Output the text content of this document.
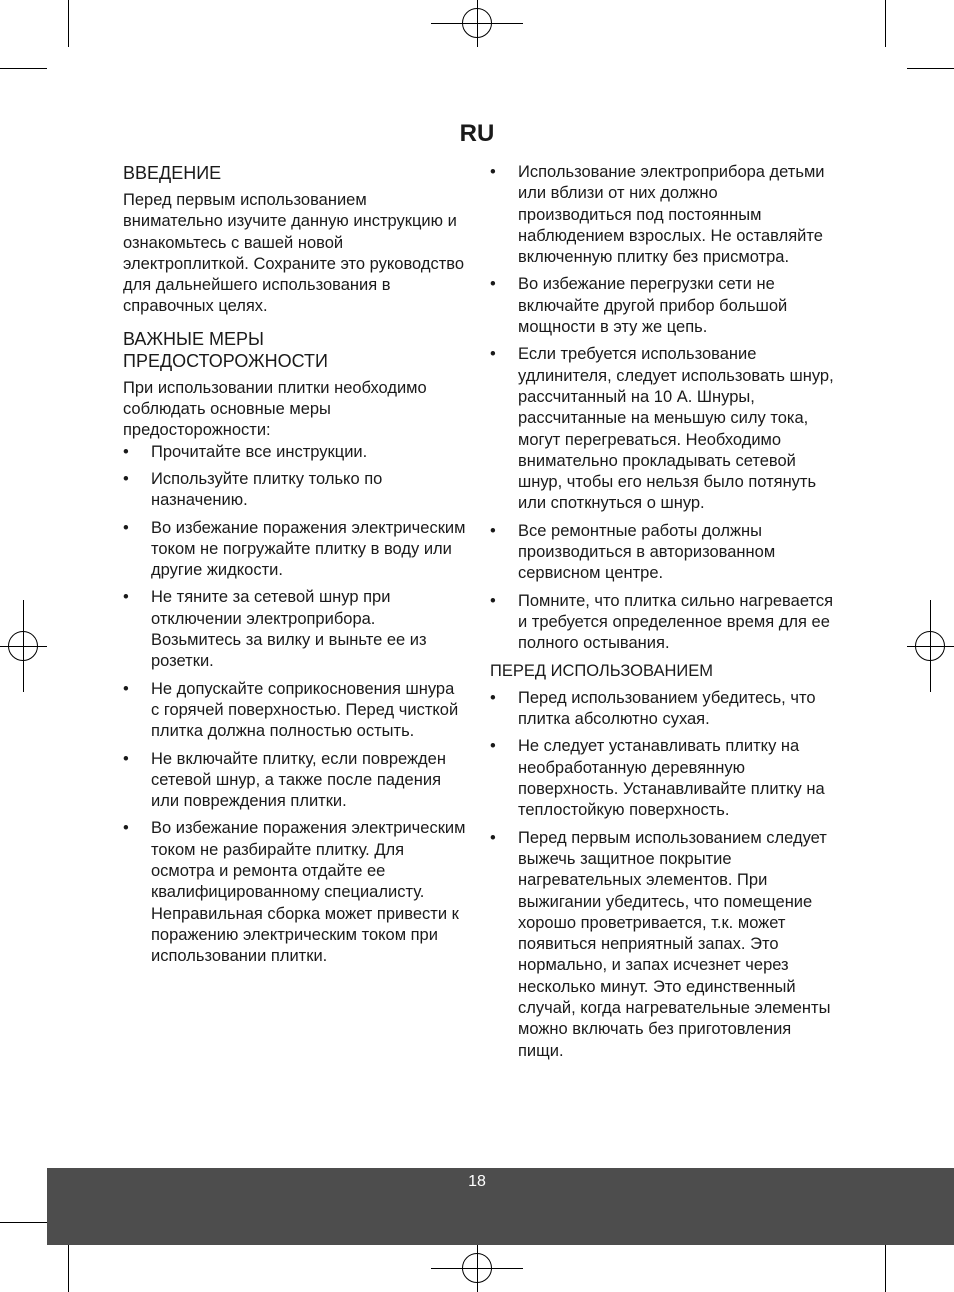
RU
ВВЕДЕНИЕ

Перед первым использованием внимательно изучите данную инструкцию и ознакомьтесь с вашей новой электроплиткой. Сохраните это руководство для дальнейшего использования в справочных целях.

ВАЖНЫЕ МЕРЫ
ПРЕДОСТОРОЖНОСТИ

При использовании плитки необходимо соблюдать основные меры предосторожности:

• Прочитайте все инструкции.
• Используйте плитку только по назначению.
• Во избежание поражения электрическим током не погружайте плитку в воду или другие жидкости.
• Не тяните за сетевой шнур при отключении электроприбора. Возьмитесь за вилку и выньте ее из розетки.
• Не допускайте соприкосновения шнура с горячей поверхностью. Перед чисткой плитка должна полностью остыть.
• Не включайте плитку, если поврежден сетевой шнур, а также после падения или повреждения плитки.
• Во избежание поражения электрическим током не разбирайте плитку. Для осмотра и ремонта отдайте ее квалифицированному специалисту. Неправильная сборка может привести к поражению электрическим током при использовании плитки.
• Использование электроприбора детьми или вблизи от них должно производиться под постоянным наблюдением взрослых. Не оставляйте включенную плитку без присмотра.
• Во избежание перегрузки сети не включайте другой прибор большой мощности в эту же цепь.
• Если требуется использование удлинителя, следует использовать шнур, рассчитанный на 10 А. Шнуры, рассчитанные на меньшую силу тока, могут перегреваться. Необходимо внимательно прокладывать сетевой шнур, чтобы его нельзя было потянуть или споткнуться о шнур.
• Все ремонтные работы должны производиться в авторизованном сервисном центре.
• Помните, что плитка сильно нагревается и требуется определенное время для ее полного остывания.
ПЕРЕД ИСПОЛЬЗОВАНИЕМ
• Перед использованием убедитесь, что плитка абсолютно сухая.
• Не следует устанавливать плитку на необработанную деревянную поверхность. Устанавливайте плитку на теплостойкую поверхность.
• Перед первым использованием следует выжечь защитное покрытие нагревательных элементов. При выжигании убедитесь, что помещение хорошо проветривается, т.к. может появиться неприятный запах. Это нормально, и запах исчезнет через несколько минут. Это единственный случай, когда нагревательные элементы можно включать без приготовления пищи.
18
